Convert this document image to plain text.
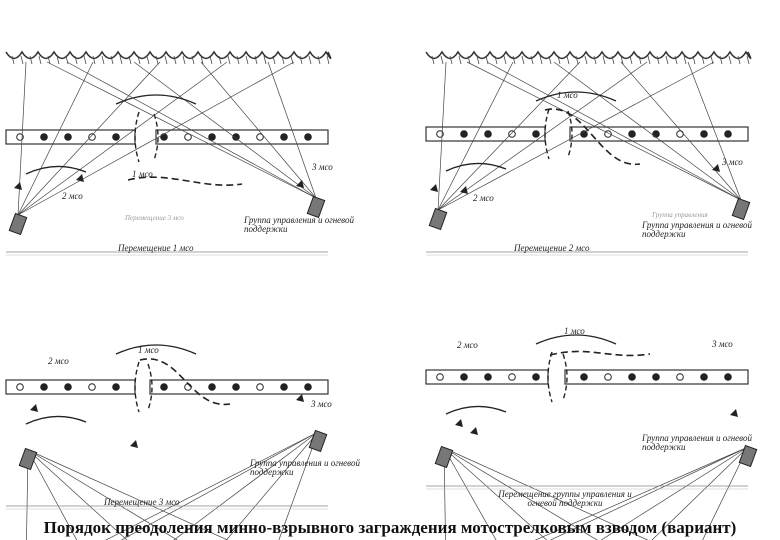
1 мсо
2 мсо
3 мсо
Перемещение 3 мсо	Группа управления и огневой поддержки
Перемещение 1 мсо
1 мсо
2 мсо
3 мсо
Группа управления
Группа управления и огневой поддержки
Перемещение 2 мсо
1 мсо
2 мсо
3 мсо
Группа управления и огневой поддержки
Перемещение 3 мсо
1 мсо
2 мсо	3 мсо
Группа управления и огневой поддержки
Перемещение группы управления и огневой поддержки
Порядок преодоления минно-взрывного заграждения мотострелковым взводом (вариант)
